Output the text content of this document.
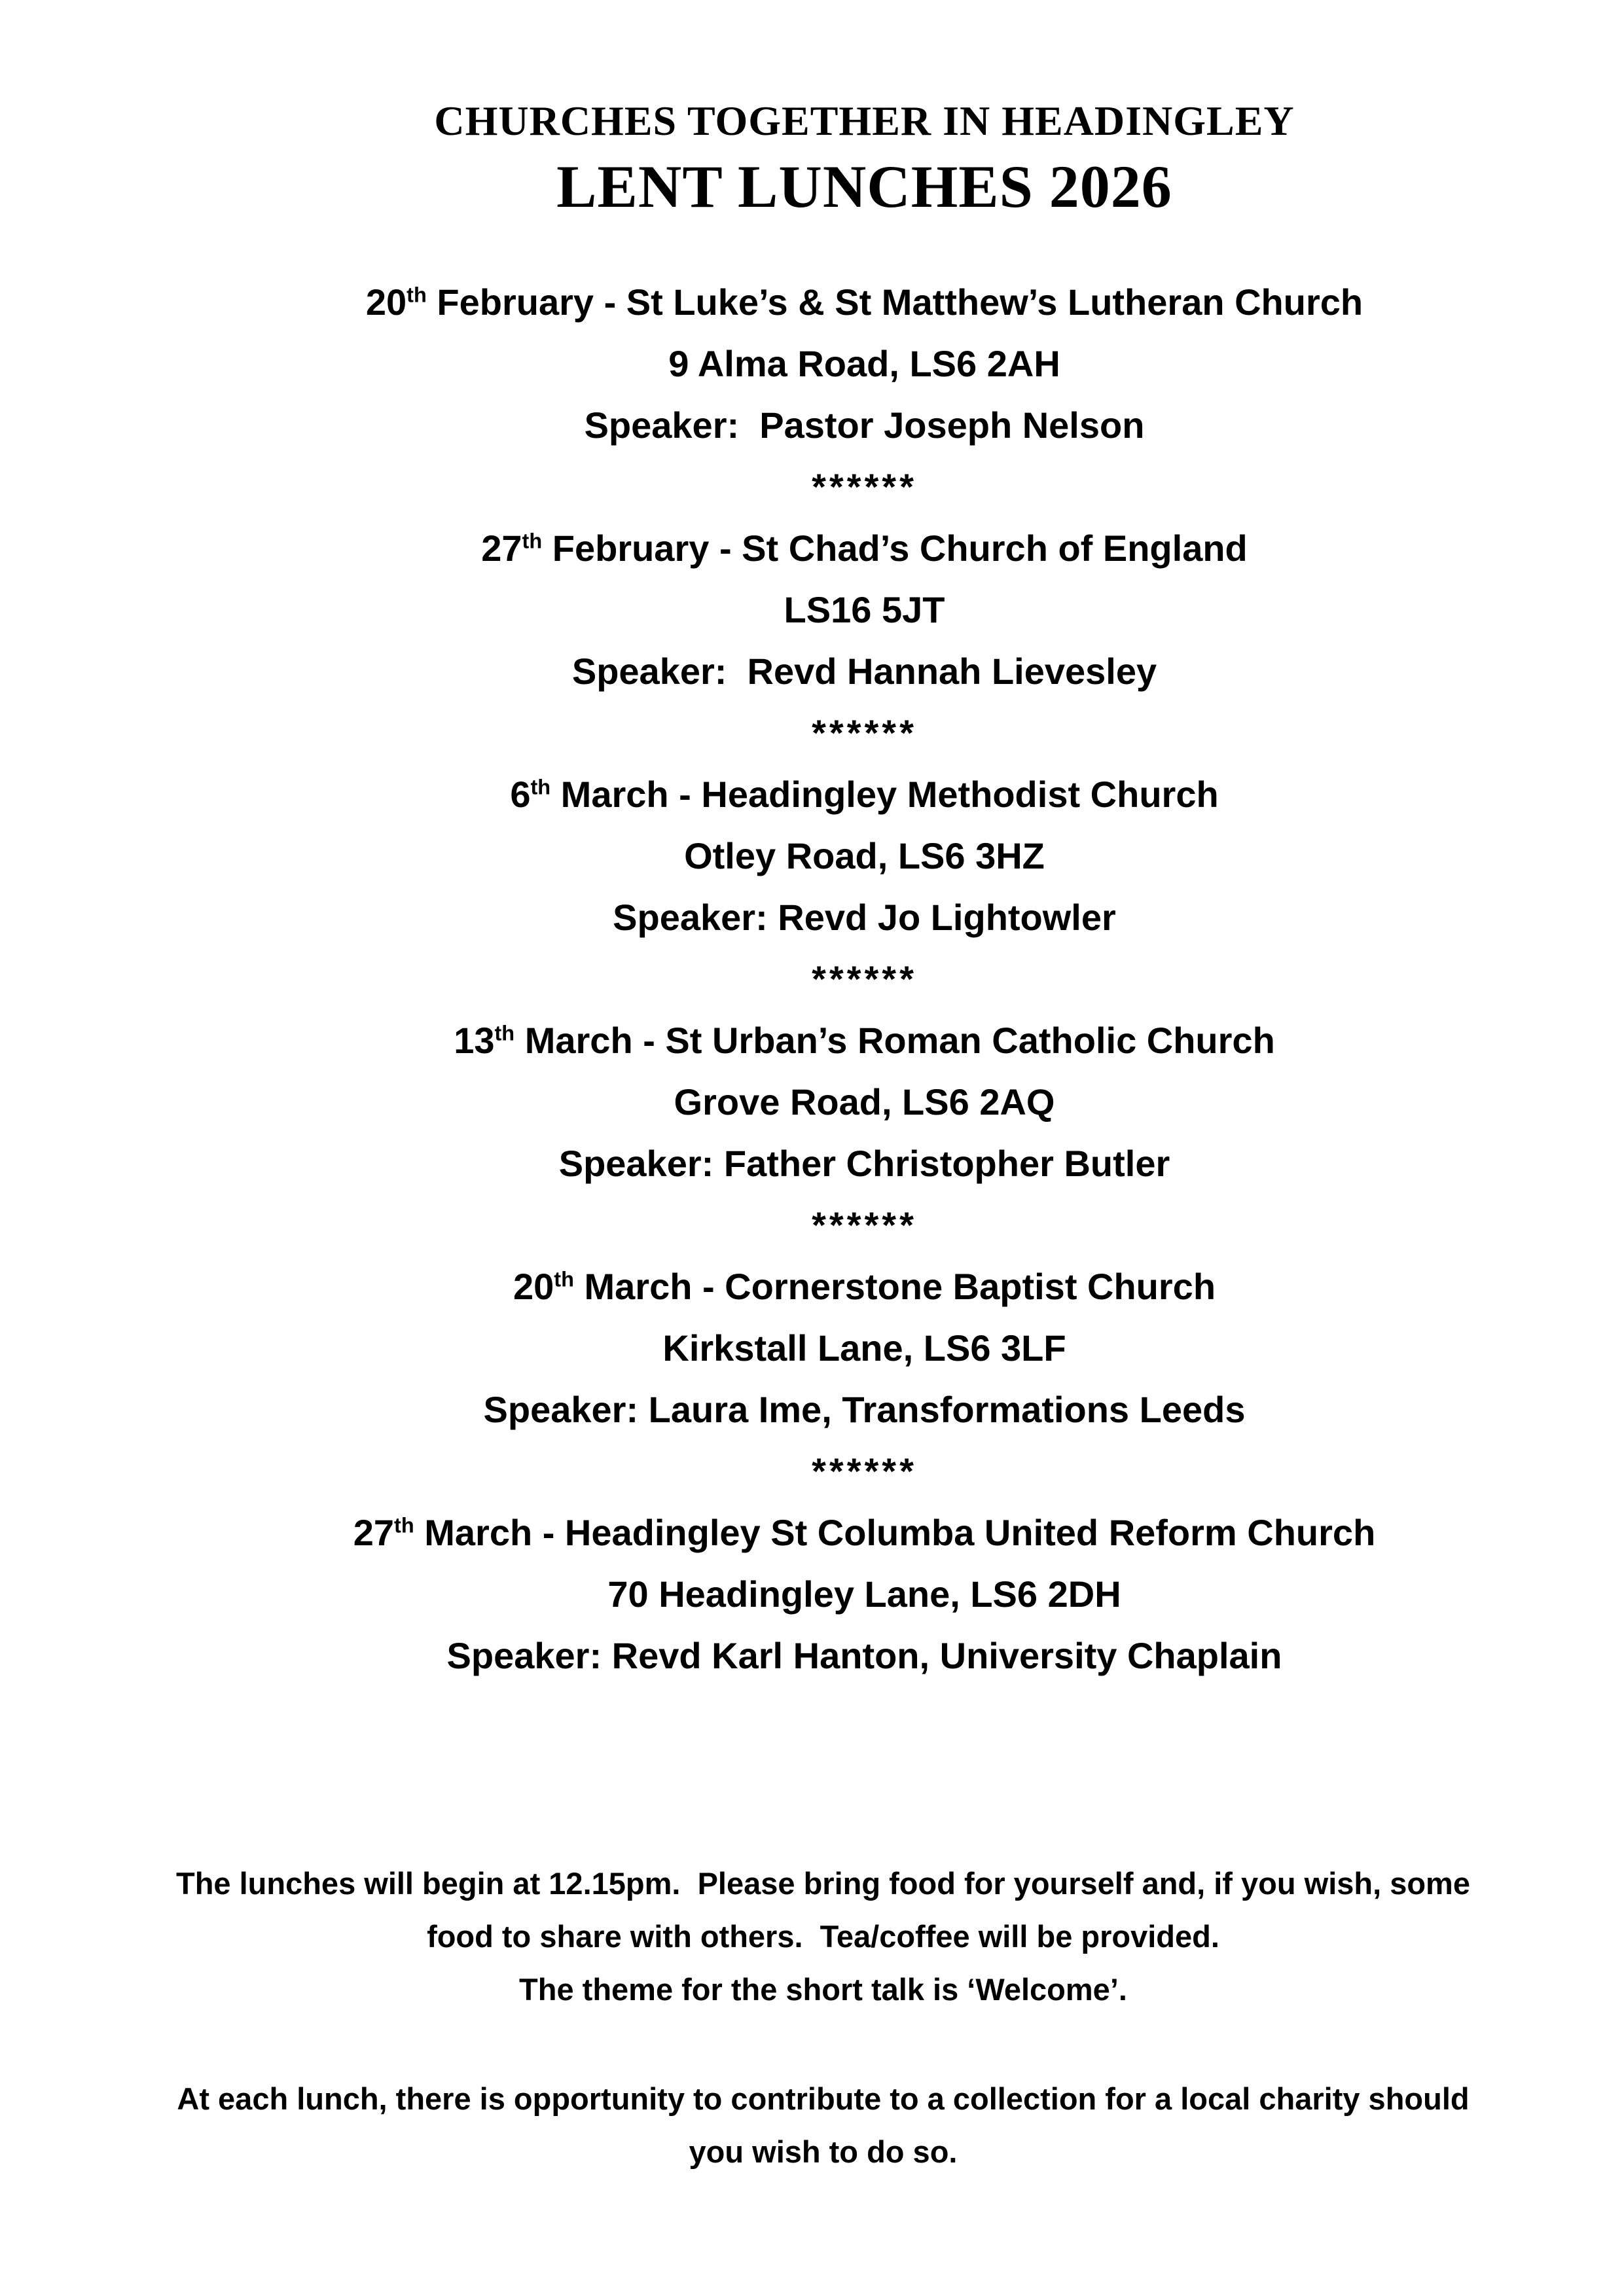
CHURCHES TOGETHER IN HEADINGLEY
LENT LUNCHES 2026
20th February - St Luke’s & St Matthew’s Lutheran Church
9 Alma Road, LS6 2AH
Speaker:  Pastor Joseph Nelson
******
27th February - St Chad’s Church of England
LS16 5JT
Speaker:  Revd Hannah Lievesley
******
6th March - Headingley Methodist Church
Otley Road, LS6 3HZ
Speaker: Revd Jo Lightowler
******
13th March - St Urban’s Roman Catholic Church
Grove Road, LS6 2AQ
Speaker: Father Christopher Butler
******
20th March - Cornerstone Baptist Church
Kirkstall Lane, LS6 3LF
Speaker: Laura Ime, Transformations Leeds
******
27th March - Headingley St Columba United Reform Church
70 Headingley Lane, LS6 2DH
Speaker: Revd Karl Hanton, University Chaplain
The lunches will begin at 12.15pm.  Please bring food for yourself and, if you wish, some
food to share with others.  Tea/coffee will be provided.
The theme for the short talk is ‘Welcome’.
At each lunch, there is opportunity to contribute to a collection for a local charity should
you wish to do so.
